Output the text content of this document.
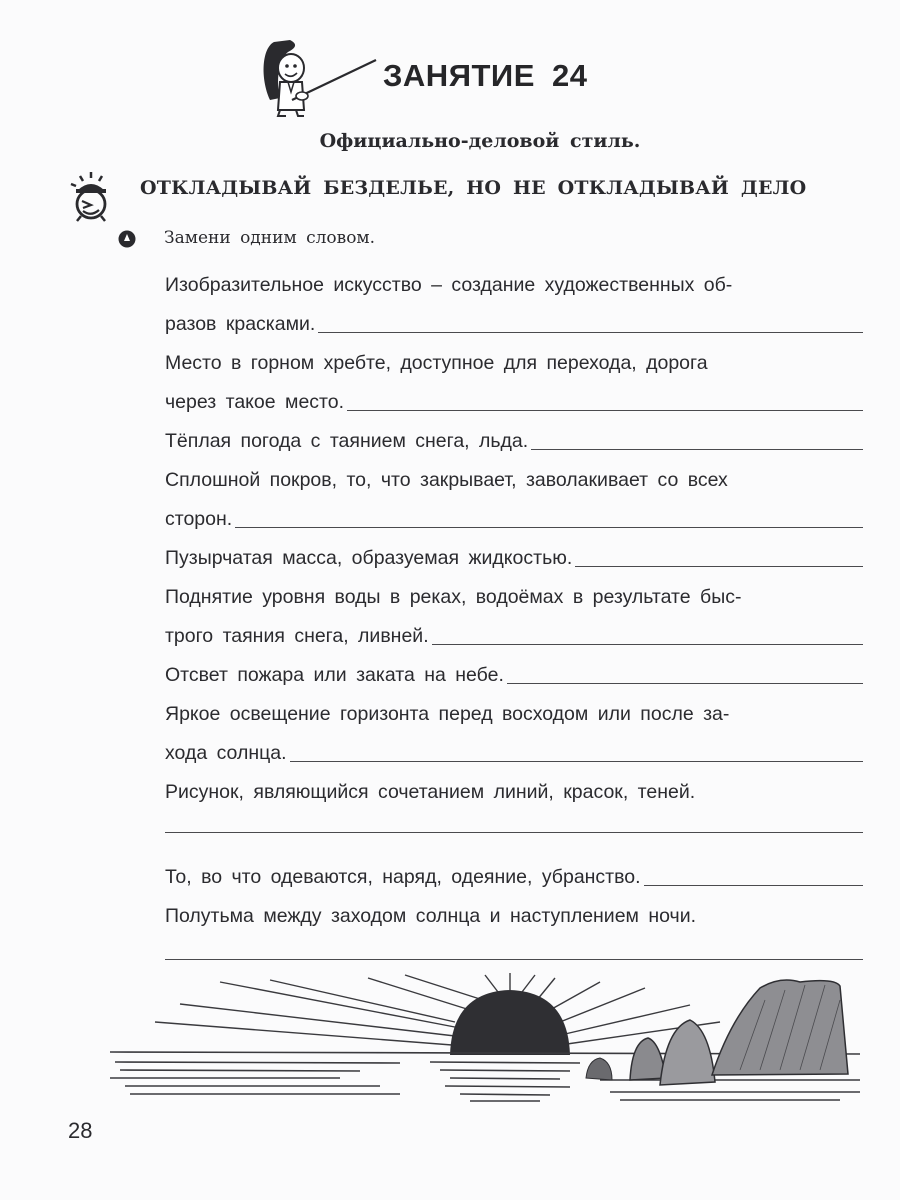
ЗАНЯТИЕ 24
Официально-деловой стиль.
ОТКЛАДЫВАЙ БЕЗДЕЛЬЕ, НО НЕ ОТКЛАДЫВАЙ ДЕЛО
Замени одним словом.
Изобразительное искусство – создание художественных об-
разов красками.
Место в горном хребте, доступное для перехода, дорога
через такое место.
Тёплая погода с таянием снега, льда.
Сплошной покров, то, что закрывает, заволакивает со всех
сторон.
Пузырчатая масса, образуемая жидкостью.
Поднятие уровня воды в реках, водоёмах в результате быс-
трого таяния снега, ливней.
Отсвет пожара или заката на небе.
Яркое освещение горизонта перед восходом или после за-
хода солнца.
Рисунок, являющийся сочетанием линий, красок, теней.
То, во что одеваются, наряд, одеяние, убранство.
Полутьма между заходом солнца и наступлением ночи.
28
